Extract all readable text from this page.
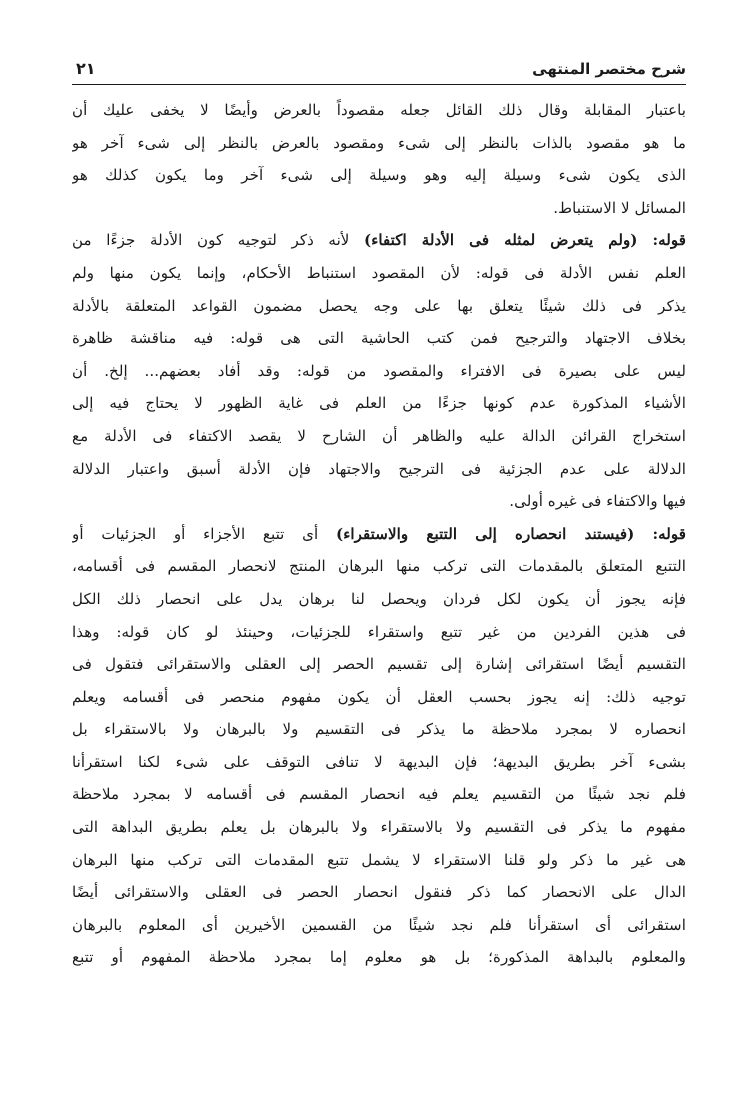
شرح مختصر المنتهى
٢١
باعتبار المقابلة وقال ذلك القائل جعله مقصوداً بالعرض وأيضًا لا يخفى عليك أن
ما هو مقصود بالذات بالنظر إلى شىء ومقصود بالعرض بالنظر إلى شىء آخر هو
الذى يكون شىء وسيلة إليه وهو وسيلة إلى شىء آخر وما يكون كذلك هو
المسائل لا الاستنباط.
قوله: (ولم يتعرض لمثله فى الأدلة اكتفاء) لأنه ذكر لتوجيه كون الأدلة جزءًا من
العلم نفس الأدلة فى قوله: لأن المقصود استنباط الأحكام، وإنما يكون منها ولم
يذكر فى ذلك شيئًا يتعلق بها على وجه يحصل مضمون القواعد المتعلقة بالأدلة
بخلاف الاجتهاد والترجيح فمن كتب الحاشية التى هى قوله: فيه مناقشة ظاهرة
ليس على بصيرة فى الافتراء والمقصود من قوله: وقد أفاد بعضهم... إلخ. أن
الأشياء المذكورة عدم كونها جزءًا من العلم فى غاية الظهور لا يحتاج فيه إلى
استخراج القرائن الدالة عليه والظاهر أن الشارح لا يقصد الاكتفاء فى الأدلة مع
الدلالة على عدم الجزئية فى الترجيح والاجتهاد فإن الأدلة أسبق واعتبار الدلالة
فيها والاكتفاء فى غيره أولى.
قوله: (فيستند انحصاره إلى التتبع والاستقراء) أى تتبع الأجزاء أو الجزئيات أو
التتبع المتعلق بالمقدمات التى تركب منها البرهان المنتج لانحصار المقسم فى أقسامه،
فإنه يجوز أن يكون لكل فردان ويحصل لنا برهان يدل على انحصار ذلك الكل
فى هذين الفردين من غير تتبع واستقراء للجزئيات، وحينئذ لو كان قوله: وهذا
التقسيم أيضًا استقرائى إشارة إلى تقسيم الحصر إلى العقلى والاستقرائى فتقول فى
توجيه ذلك: إنه يجوز بحسب العقل أن يكون مفهوم منحصر فى أقسامه ويعلم
انحصاره لا بمجرد ملاحظة ما يذكر فى التقسيم ولا بالبرهان ولا بالاستقراء بل
بشىء آخر بطريق البديهة؛ فإن البديهة لا تنافى التوقف على شىء لكنا استقرأنا
فلم نجد شيئًا من التقسيم يعلم فيه انحصار المقسم فى أقسامه لا بمجرد ملاحظة
مفهوم ما يذكر فى التقسيم ولا بالاستقراء ولا بالبرهان بل يعلم بطريق البداهة التى
هى غير ما ذكر ولو قلنا الاستقراء لا يشمل تتبع المقدمات التى تركب منها البرهان
الدال على الانحصار كما ذكر فنقول انحصار الحصر فى العقلى والاستقرائى أيضًا
استقرائى أى استقرأنا فلم نجد شيئًا من القسمين الأخيرين أى المعلوم بالبرهان
والمعلوم بالبداهة المذكورة؛ بل هو معلوم إما بمجرد ملاحظة المفهوم أو تتبع
